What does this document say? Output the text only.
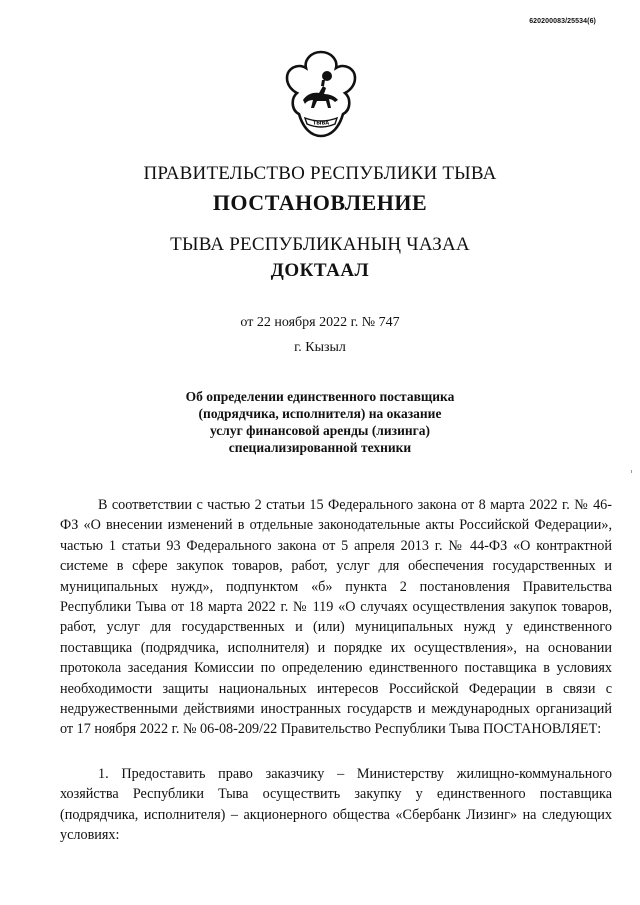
620200083/25534(6)
ТЫВА
ПРАВИТЕЛЬСТВО РЕСПУБЛИКИ ТЫВА
ПОСТАНОВЛЕНИЕ
ТЫВА РЕСПУБЛИКАНЫҢ ЧАЗАА
ДОКТААЛ
от 22 ноября 2022 г. № 747
г. Кызыл
Об определении единственного поставщика
(подрядчика, исполнителя) на оказание
услуг финансовой аренды (лизинга)
специализированной техники

В соответствии с частью 2 статьи 15 Федерального закона от 8 марта 2022 г. № 46-ФЗ «О внесении изменений в отдельные законодательные акты Российской Федерации», частью 1 статьи 93 Федерального закона от 5 апреля 2013 г. № 44-ФЗ «О контрактной системе в сфере закупок товаров, работ, услуг для обеспечения государственных и муниципальных нужд», подпунктом «б» пункта 2 постановления Правительства Республики Тыва от 18 марта 2022 г. № 119 «О случаях осуществления закупок товаров, работ, услуг для государственных и (или) муниципальных нужд у единственного поставщика (подрядчика, исполнителя) и порядке их осуществления», на основании протокола заседания Комиссии по определению единственного поставщика в условиях необходимости защиты национальных интересов Российской Федерации в связи с недружественными действиями иностранных государств и международных организаций от 17 ноября 2022 г. № 06-08-209/22 Правительство Республики Тыва ПОСТАНОВЛЯЕТ:

1. Предоставить право заказчику – Министерству жилищно-коммунального хозяйства Республики Тыва осуществить закупку у единственного поставщика (подрядчика, исполнителя) – акционерного общества «Сбербанк Лизинг» на следующих условиях:
